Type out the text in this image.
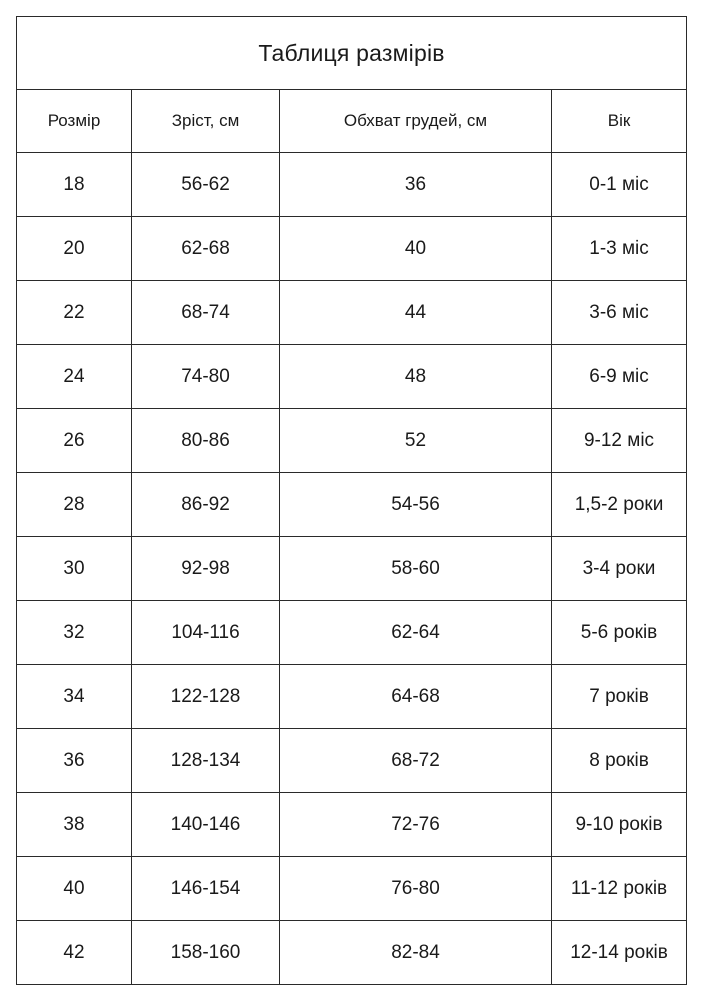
Таблиця размірів			
Розмір	Зріст, см	Обхват грудей, см	Вік
18	56-62	36	0-1 міс
20	62-68	40	1-3 міс
22	68-74	44	3-6 міс
24	74-80	48	6-9 міс
26	80-86	52	9-12 міс
28	86-92	54-56	1,5-2 роки
30	92-98	58-60	3-4 роки
32	104-116	62-64	5-6 років
34	122-128	64-68	7 років
36	128-134	68-72	8 років
38	140-146	72-76	9-10 років
40	146-154	76-80	11-12 років
42	158-160	82-84	12-14 років
